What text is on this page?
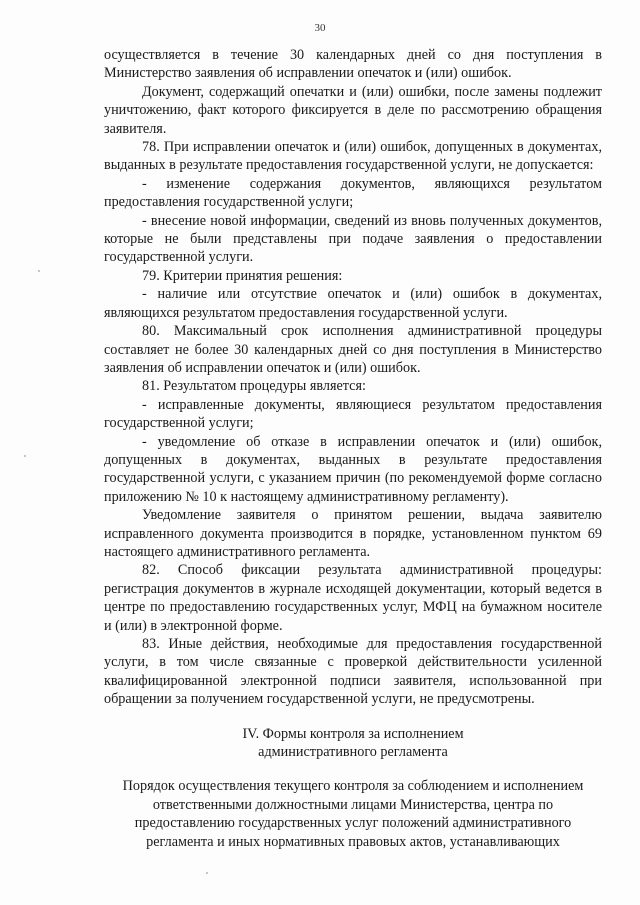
30

осуществляется в течение 30 календарных дней со дня поступления в Министерство заявления об исправлении опечаток и (или) ошибок.

Документ, содержащий опечатки и (или) ошибки, после замены подлежит уничтожению, факт которого фиксируется в деле по рассмотрению обращения заявителя.

78. При исправлении опечаток и (или) ошибок, допущенных в документах, выданных в результате предоставления государственной услуги, не допускается:

- изменение содержания документов, являющихся результатом предоставления государственной услуги;

- внесение новой информации, сведений из вновь полученных документов, которые не были представлены при подаче заявления о предоставлении государственной услуги.

79. Критерии принятия решения:

- наличие или отсутствие опечаток и (или) ошибок в документах, являющихся результатом предоставления государственной услуги.

80. Максимальный срок исполнения административной процедуры составляет не более 30 календарных дней со дня поступления в Министерство заявления об исправлении опечаток и (или) ошибок.

81. Результатом процедуры является:

- исправленные документы, являющиеся результатом предоставления государственной услуги;

- уведомление об отказе в исправлении опечаток и (или) ошибок, допущенных в документах, выданных в результате предоставления государственной услуги, с указанием причин (по рекомендуемой форме согласно приложению № 10 к настоящему административному регламенту).

Уведомление заявителя о принятом решении, выдача заявителю исправленного документа производится в порядке, установленном пунктом 69 настоящего административного регламента.

82. Способ фиксации результата административной процедуры: регистрация документов в журнале исходящей документации, который ведется в центре по предоставлению государственных услуг, МФЦ на бумажном носителе и (или) в электронной форме.

83. Иные действия, необходимые для предоставления государственной услуги, в том числе связанные с проверкой действительности усиленной квалифицированной электронной подписи заявителя, использованной при обращении за получением государственной услуги, не предусмотрены.

IV. Формы контроля за исполнением
административного регламента
Порядок осуществления текущего контроля за соблюдением и исполнением
ответственными должностными лицами Министерства, центра по
предоставлению государственных услуг положений административного
регламента и иных нормативных правовых актов, устанавливающих
